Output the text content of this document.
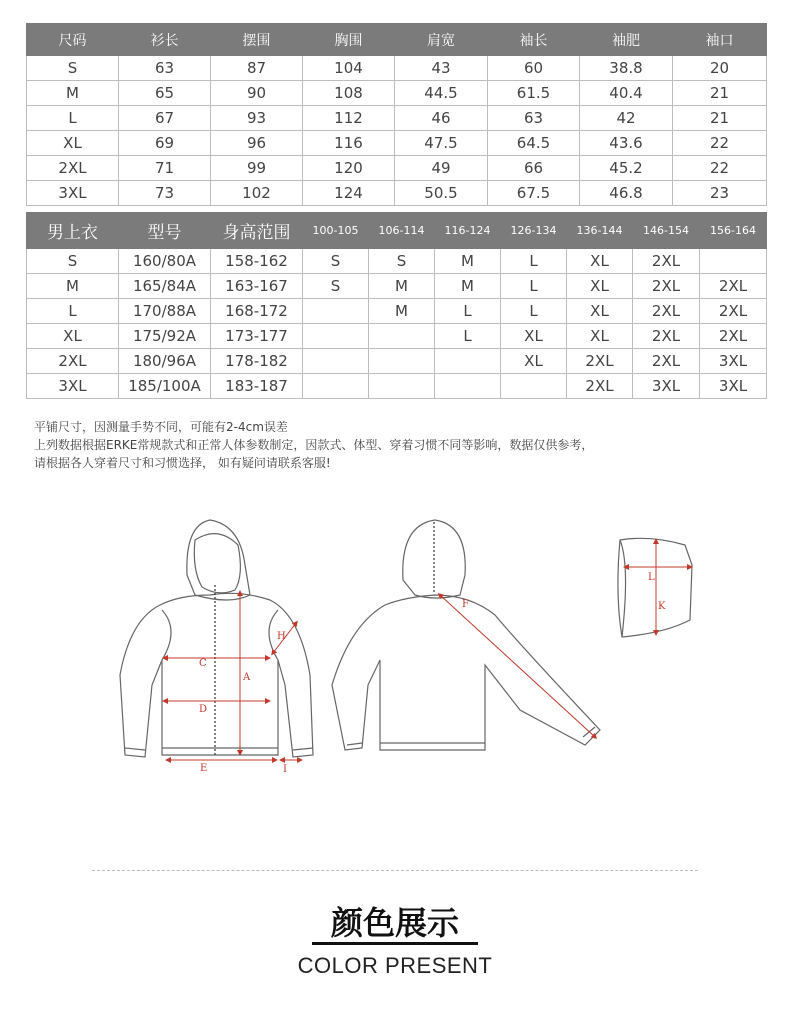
尺码	衫长	摆围	胸围	肩宽	袖长	袖肥	袖口
S	63	87	104	43	60	38.8	20
M	65	90	108	44.5	61.5	40.4	21
L	67	93	112	46	63	42	21
XL	69	96	116	47.5	64.5	43.6	22
2XL	71	99	120	49	66	45.2	22
3XL	73	102	124	50.5	67.5	46.8	23
男上衣	型号	身高范围	100-105	106-114	116-124	126-134	136-144	146-154	156-164
S	160/80A	158-162	S	S	M	L	XL	2XL	
M	165/84A	163-167	S	M	M	L	XL	2XL	2XL
L	170/88A	168-172		M	L	L	XL	2XL	2XL
XL	175/92A	173-177			L	XL	XL	2XL	2XL
2XL	180/96A	178-182				XL	2XL	2XL	3XL
3XL	185/100A	183-187					2XL	3XL	3XL
平铺尺寸，因测量手势不同，可能有2-4cm误差
上列数据根据ERKE常规款式和正常人体参数制定，因款式、体型、穿着习惯不同等影响，数据仅供参考，
请根据各人穿着尺寸和习惯选择， 如有疑问请联系客服!
C
D
A
E
H
I
F
L
K
颜色展示
COLOR PRESENT
